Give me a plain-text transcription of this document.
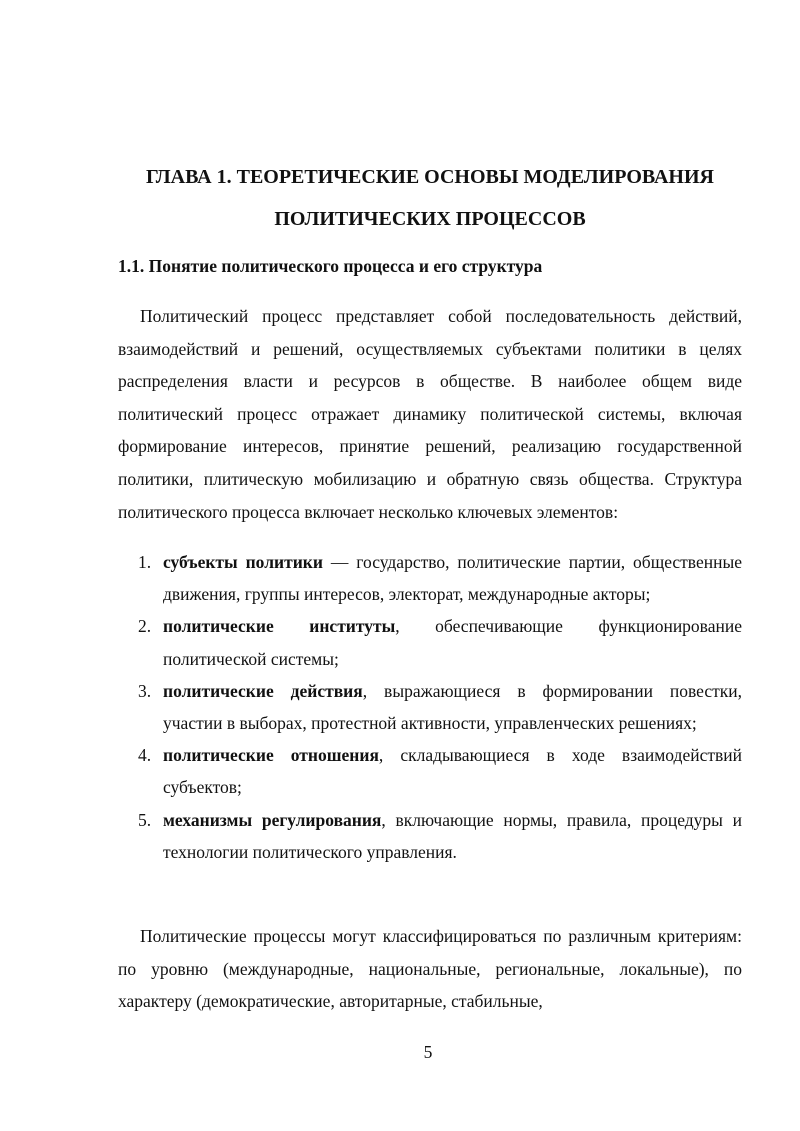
ГЛАВА 1. ТЕОРЕТИЧЕСКИЕ ОСНОВЫ МОДЕЛИРОВАНИЯ ПОЛИТИЧЕСКИХ ПРОЦЕССОВ
1.1. Понятие политического процесса и его структура

Политический процесс представляет собой последовательность действий, взаимодействий и решений, осуществляемых субъектами политики в целях распределения власти и ресурсов в обществе. В наиболее общем виде политический процесс отражает динамику политической системы, включая формирование интересов, принятие решений, реализацию государственной политики, плитическую мобилизацию и обратную связь общества. Структура политического процесса включает несколько ключевых элементов:

1. субъекты политики — государство, политические партии, общественные движения, группы интересов, электорат, международные акторы;
2. политические институты, обеспечивающие функционирование политической системы;
3. политические действия, выражающиеся в формировании повестки, участии в выборах, протестной активности, управленческих решениях;
4. политические отношения, складывающиеся в ходе взаимодействий субъектов;
5. механизмы регулирования, включающие нормы, правила, процедуры и технологии политического управления.

Политические процессы могут классифицироваться по различным критериям: по уровню (международные, национальные, региональные, локальные), по характеру (демократические, авторитарные, стабильные,

5
